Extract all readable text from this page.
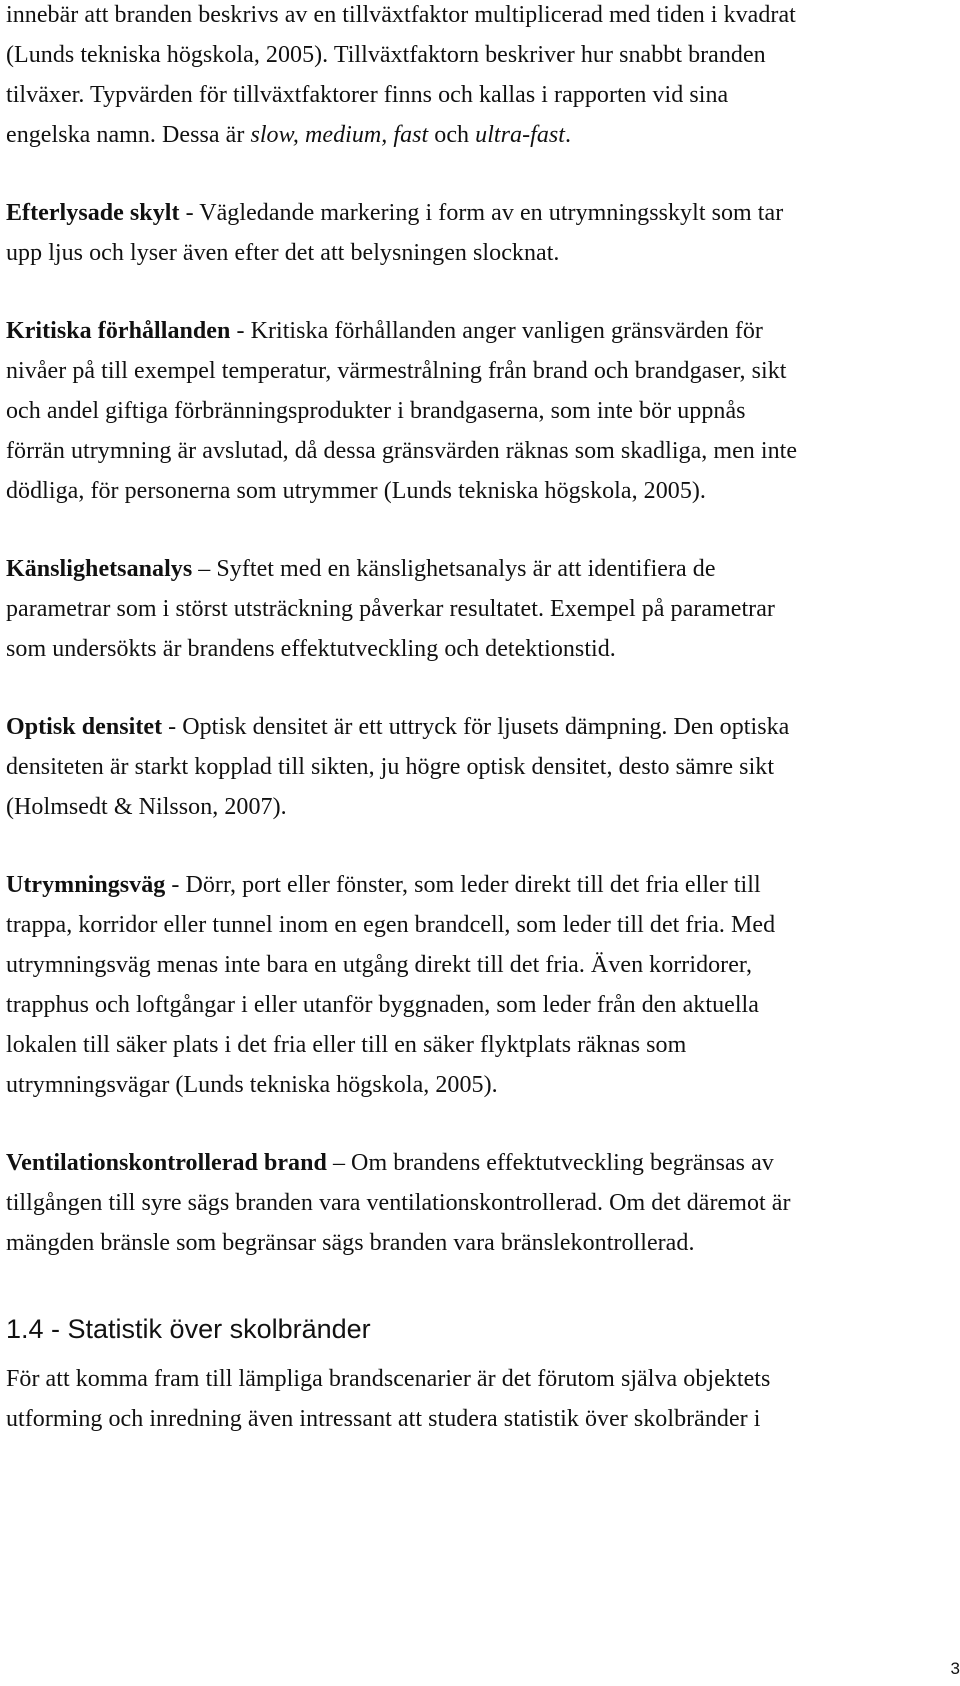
innebär att branden beskrivs av en tillväxtfaktor multiplicerad med tiden i kvadrat
(Lunds tekniska högskola, 2005). Tillväxtfaktorn beskriver hur snabbt branden
tilväxer. Typvärden för tillväxtfaktorer finns och kallas i rapporten vid sina
engelska namn. Dessa är slow, medium, fast och ultra-fast.
Efterlysade skylt - Vägledande markering i form av en utrymningsskylt som tar
upp ljus och lyser även efter det att belysningen slocknat.
Kritiska förhållanden - Kritiska förhållanden anger vanligen gränsvärden för
nivåer på till exempel temperatur, värmestrålning från brand och brandgaser, sikt
och andel giftiga förbränningsprodukter i brandgaserna, som inte bör uppnås
förrän utrymning är avslutad, då dessa gränsvärden räknas som skadliga, men inte
dödliga, för personerna som utrymmer (Lunds tekniska högskola, 2005).
Känslighetsanalys – Syftet med en känslighetsanalys är att identifiera de
parametrar som i störst utsträckning påverkar resultatet. Exempel på parametrar
som undersökts är brandens effektutveckling och detektionstid.
Optisk densitet - Optisk densitet är ett uttryck för ljusets dämpning. Den optiska
densiteten är starkt kopplad till sikten, ju högre optisk densitet, desto sämre sikt
(Holmsedt & Nilsson, 2007).
Utrymningsväg - Dörr, port eller fönster, som leder direkt till det fria eller till
trappa, korridor eller tunnel inom en egen brandcell, som leder till det fria. Med
utrymningsväg menas inte bara en utgång direkt till det fria. Även korridorer,
trapphus och loftgångar i eller utanför byggnaden, som leder från den aktuella
lokalen till säker plats i det fria eller till en säker flyktplats räknas som
utrymningsvägar (Lunds tekniska högskola, 2005).
Ventilationskontrollerad brand – Om brandens effektutveckling begränsas av
tillgången till syre sägs branden vara ventilationskontrollerad. Om det däremot är
mängden bränsle som begränsar sägs branden vara bränslekontrollerad.
1.4 - Statistik över skolbränder
För att komma fram till lämpliga brandscenarier är det förutom själva objektets
utforming och inredning även intressant att studera statistik över skolbränder i
3
